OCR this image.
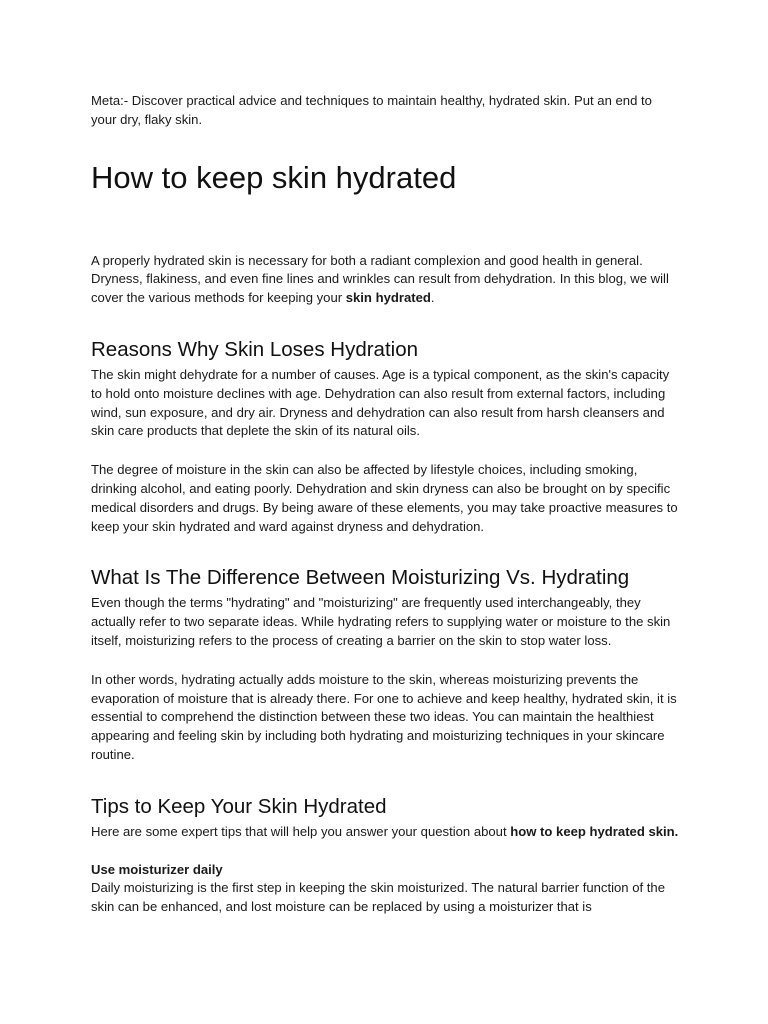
Meta:- Discover practical advice and techniques to maintain healthy, hydrated skin. Put an end to your dry, flaky skin.

How to keep skin hydrated

A properly hydrated skin is necessary for both a radiant complexion and good health in general. Dryness, flakiness, and even fine lines and wrinkles can result from dehydration. In this blog, we will cover the various methods for keeping your skin hydrated.

Reasons Why Skin Loses Hydration

The skin might dehydrate for a number of causes. Age is a typical component, as the skin's capacity to hold onto moisture declines with age. Dehydration can also result from external factors, including wind, sun exposure, and dry air. Dryness and dehydration can also result from harsh cleansers and skin care products that deplete the skin of its natural oils.

The degree of moisture in the skin can also be affected by lifestyle choices, including smoking, drinking alcohol, and eating poorly. Dehydration and skin dryness can also be brought on by specific medical disorders and drugs. By being aware of these elements, you may take proactive measures to keep your skin hydrated and ward against dryness and dehydration.

What Is The Difference Between Moisturizing Vs. Hydrating

Even though the terms "hydrating" and "moisturizing" are frequently used interchangeably, they actually refer to two separate ideas. While hydrating refers to supplying water or moisture to the skin itself, moisturizing refers to the process of creating a barrier on the skin to stop water loss.

In other words, hydrating actually adds moisture to the skin, whereas moisturizing prevents the evaporation of moisture that is already there. For one to achieve and keep healthy, hydrated skin, it is essential to comprehend the distinction between these two ideas. You can maintain the healthiest appearing and feeling skin by including both hydrating and moisturizing techniques in your skincare routine.

Tips to Keep Your Skin Hydrated

Here are some expert tips that will help you answer your question about how to keep hydrated skin.

Use moisturizer daily

Daily moisturizing is the first step in keeping the skin moisturized. The natural barrier function of the skin can be enhanced, and lost moisture can be replaced by using a moisturizer that is
